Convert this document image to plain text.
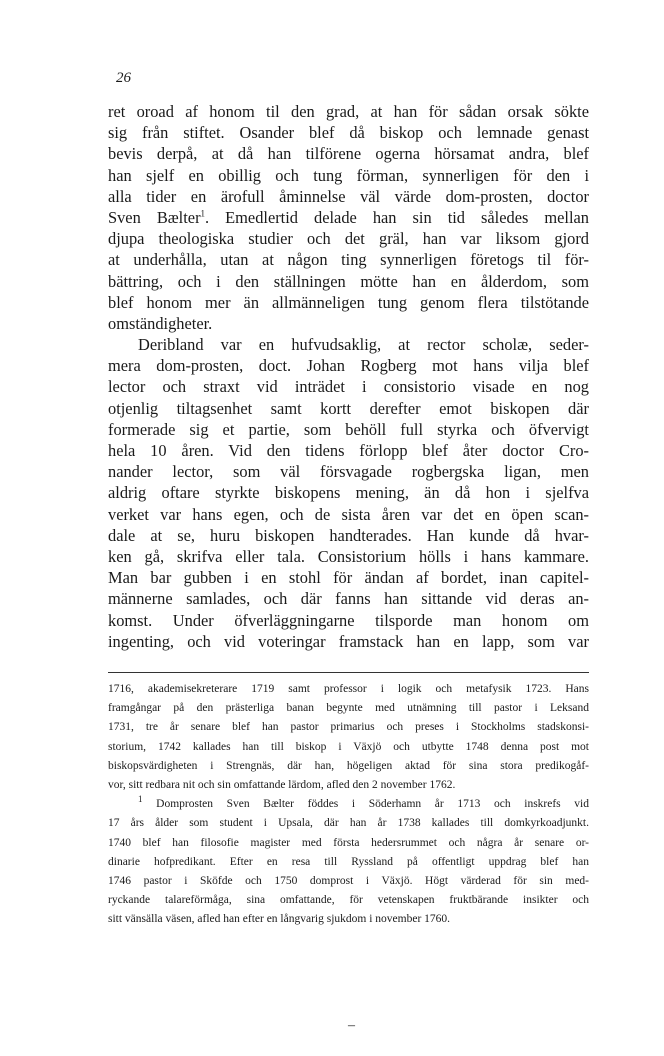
26
ret oroad af honom til den grad, at han för sådan orsak sökte
sig från stiftet. Osander blef då biskop och lemnade genast
bevis derpå, at då han tilförene ogerna hörsamat andra, blef
han sjelf en obillig och tung förman, synnerligen för den i
alla tider en ärofull åminnelse väl värde dom-prosten, doctor
Sven Bælter$^1$. Emedlertid delade han sin tid således mellan
djupa theologiska studier och det gräl, han var liksom gjord
at underhålla, utan at någon ting synnerligen företogs til för-
bättring, och i den ställningen mötte han en ålderdom, som
blef honom mer än allmänneligen tung genom flera tilstötande
omständigheter.
Deribland var en hufvudsaklig, at rector scholæ, seder-
mera dom-prosten, doct. Johan Rogberg mot hans vilja blef
lector och straxt vid inträdet i consistorio visade en nog
otjenlig tiltagsenhet samt kortt derefter emot biskopen där
formerade sig et partie, som behöll full styrka och öfvervigt
hela 10 åren. Vid den tidens förlopp blef åter doctor Cro-
nander lector, som väl försvagade rogbergska ligan, men
aldrig oftare styrkte biskopens mening, än då hon i sjelfva
verket var hans egen, och de sista åren var det en öpen scan-
dale at se, huru biskopen handterades. Han kunde då hvar-
ken gå, skrifva eller tala. Consistorium hölls i hans kammare.
Man bar gubben i en stohl för ändan af bordet, inan capitel-
männerne samlades, och där fanns han sittande vid deras an-
komst. Under öfverläggningarne tilsporde man honom om
ingenting, och vid voteringar framstack han en lapp, som var
1716, akademisekreterare 1719 samt professor i logik och metafysik 1723. Hans
framgångar på den prästerliga banan begynte med utnämning till pastor i Leksand
1731, tre år senare blef han pastor primarius och preses i Stockholms stadskonsi-
storium, 1742 kallades han till biskop i Växjö och utbytte 1748 denna post mot
biskopsvärdigheten i Strengnäs, där han, högeligen aktad för sina stora predikogåf-
vor, sitt redbara nit och sin omfattande lärdom, afled den 2 november 1762.
$^1$ Domprosten Sven Bælter föddes i Söderhamn år 1713 och inskrefs vid
17 års ålder som student i Upsala, där han år 1738 kallades till domkyrkoadjunkt.
1740 blef han filosofie magister med första hedersrummet och några år senare or-
dinarie hofpredikant. Efter en resa till Ryssland på offentligt uppdrag blef han
1746 pastor i Sköfde och 1750 domprost i Växjö. Högt värderad för sin med-
ryckande talareförmåga, sina omfattande, för vetenskapen fruktbärande insikter och
sitt vänsälla väsen, afled han efter en långvarig sjukdom i november 1760.
–
